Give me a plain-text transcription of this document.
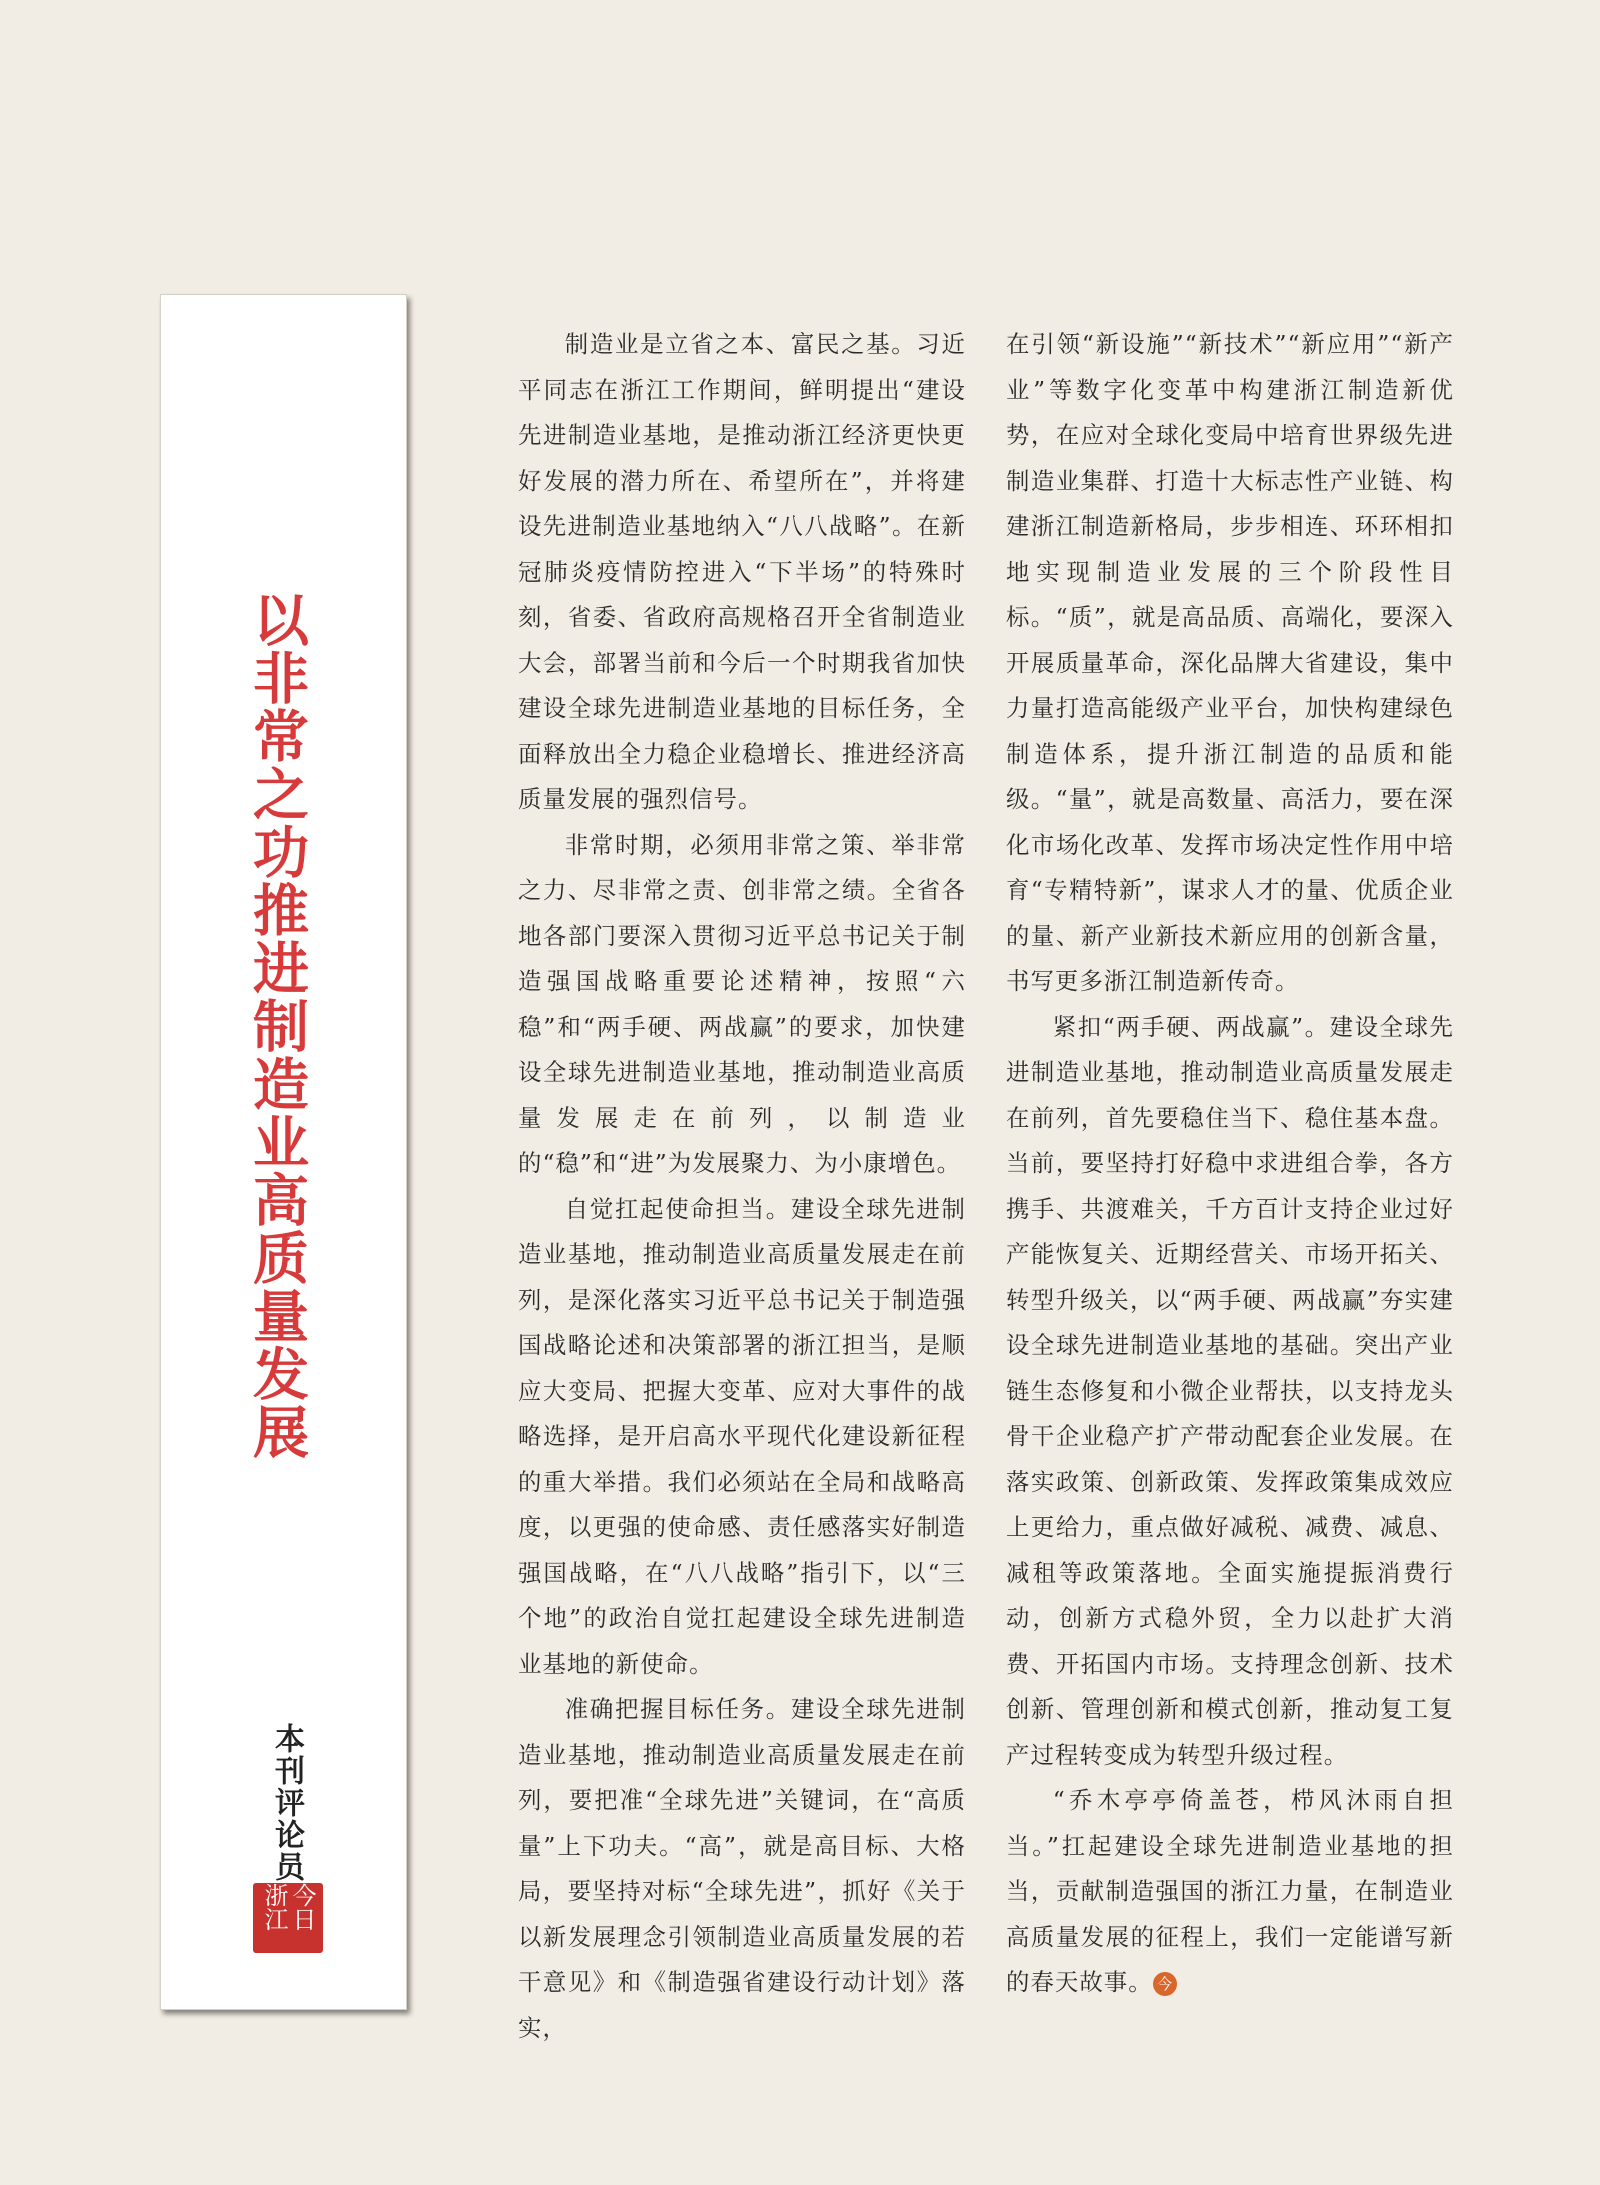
以非常之功推进制造业高质量发展
本刊评论员
今日浙江

制造业是立省之本、富民之基。习近平同志在浙江工作期间，鲜明提出“建设先进制造业基地，是推动浙江经济更快更好发展的潜力所在、希望所在”，并将建设先进制造业基地纳入“八八战略”。在新冠肺炎疫情防控进入“下半场”的特殊时刻，省委、省政府高规格召开全省制造业大会，部署当前和今后一个时期我省加快建设全球先进制造业基地的目标任务，全面释放出全力稳企业稳增长、推进经济高质量发展的强烈信号。

非常时期，必须用非常之策、举非常之力、尽非常之责、创非常之绩。全省各地各部门要深入贯彻习近平总书记关于制造强国战略重要论述精神，按照“六稳”和“两手硬、两战赢”的要求，加快建设全球先进制造业基地，推动制造业高质量发展走在前列，以制造业的“稳”和“进”为发展聚力、为小康增色。

自觉扛起使命担当。建设全球先进制造业基地，推动制造业高质量发展走在前列，是深化落实习近平总书记关于制造强国战略论述和决策部署的浙江担当，是顺应大变局、把握大变革、应对大事件的战略选择，是开启高水平现代化建设新征程的重大举措。我们必须站在全局和战略高度，以更强的使命感、责任感落实好制造强国战略，在“八八战略”指引下，以“三个地”的政治自觉扛起建设全球先进制造业基地的新使命。

准确把握目标任务。建设全球先进制造业基地，推动制造业高质量发展走在前列，要把准“全球先进”关键词，在“高质量”上下功夫。“高”，就是高目标、大格局，要坚持对标“全球先进”，抓好《关于以新发展理念引领制造业高质量发展的若干意见》和《制造强省建设行动计划》落实，

在引领“新设施”“新技术”“新应用”“新产业”等数字化变革中构建浙江制造新优势，在应对全球化变局中培育世界级先进制造业集群、打造十大标志性产业链、构建浙江制造新格局，步步相连、环环相扣地实现制造业发展的三个阶段性目标。“质”，就是高品质、高端化，要深入开展质量革命，深化品牌大省建设，集中力量打造高能级产业平台，加快构建绿色制造体系，提升浙江制造的品质和能级。“量”，就是高数量、高活力，要在深化市场化改革、发挥市场决定性作用中培育“专精特新”，谋求人才的量、优质企业的量、新产业新技术新应用的创新含量，书写更多浙江制造新传奇。

紧扣“两手硬、两战赢”。建设全球先进制造业基地，推动制造业高质量发展走在前列，首先要稳住当下、稳住基本盘。当前，要坚持打好稳中求进组合拳，各方携手、共渡难关，千方百计支持企业过好产能恢复关、近期经营关、市场开拓关、转型升级关，以“两手硬、两战赢”夯实建设全球先进制造业基地的基础。突出产业链生态修复和小微企业帮扶，以支持龙头骨干企业稳产扩产带动配套企业发展。在落实政策、创新政策、发挥政策集成效应上更给力，重点做好减税、减费、减息、减租等政策落地。全面实施提振消费行动，创新方式稳外贸，全力以赴扩大消费、开拓国内市场。支持理念创新、技术创新、管理创新和模式创新，推动复工复产过程转变成为转型升级过程。

“乔木亭亭倚盖苍，栉风沐雨自担当。”扛起建设全球先进制造业基地的担当，贡献制造强国的浙江力量，在制造业高质量发展的征程上，我们一定能谱写新的春天故事。 今
